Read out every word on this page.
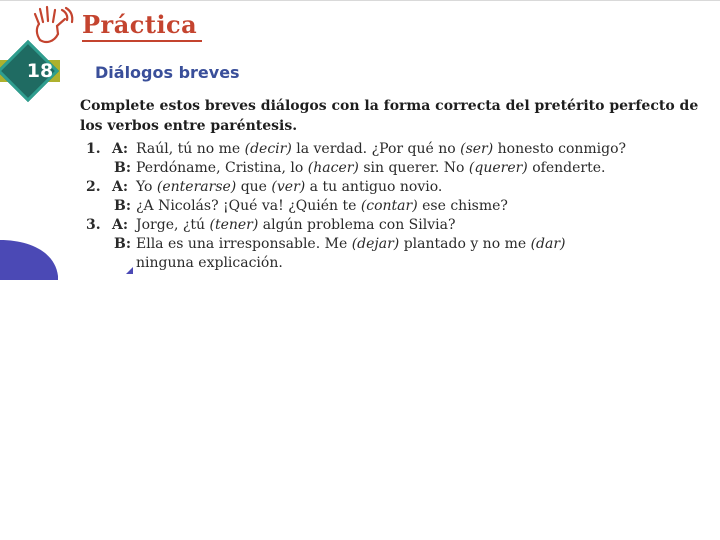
Práctica
18	Diálogos breves
Complete estos breves diálogos con la forma correcta del pretérito perfecto de los verbos entre paréntesis.
1. A: Raúl, tú no me (decir) la verdad. ¿Por qué no (ser) honesto conmigo?
B: Perdóname, Cristina, lo (hacer) sin querer. No (querer) ofenderte.
2. A: Yo (enterarse) que (ver) a tu antiguo novio.
B: ¿A Nicolás? ¡Qué va! ¿Quién te (contar) ese chisme?
3. A: Jorge, ¿tú (tener) algún problema con Silvia?
B: Ella es una irresponsable. Me (dejar) plantado y no me (dar)
ninguna explicación.
